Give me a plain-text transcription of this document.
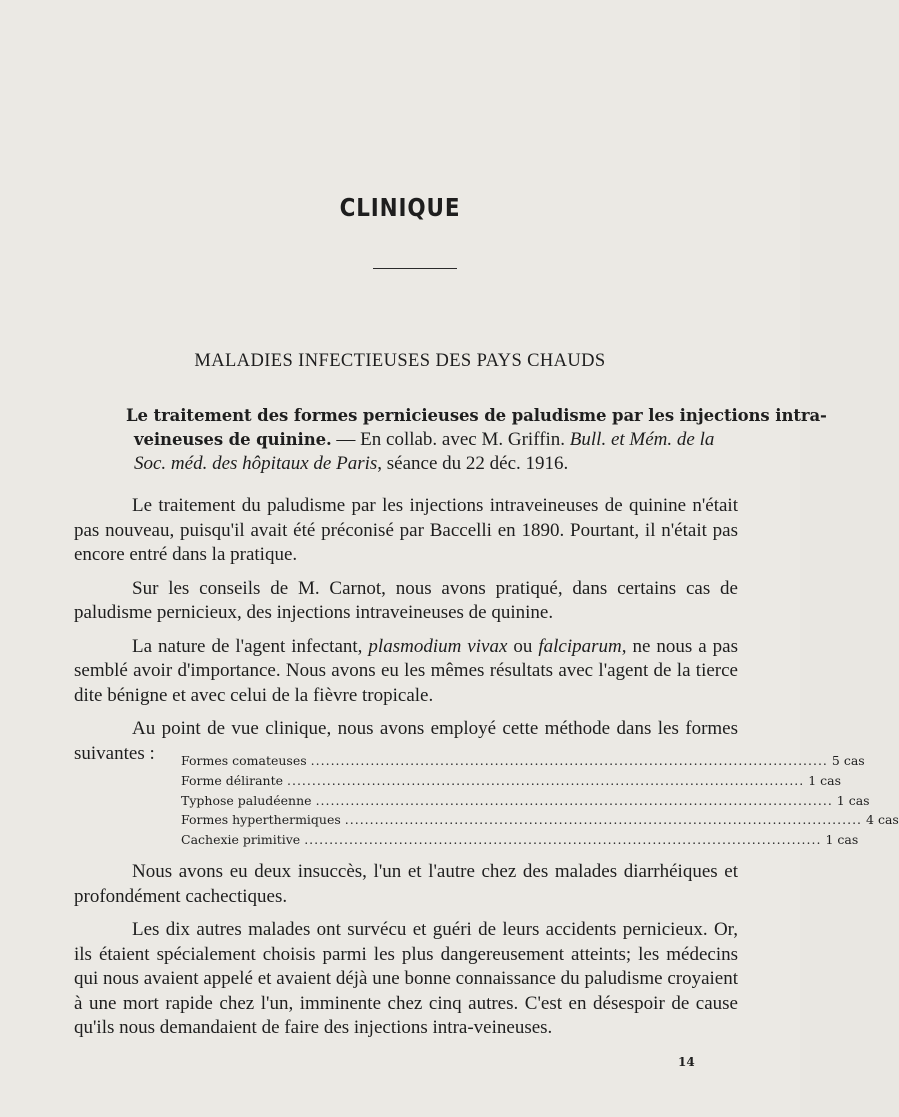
CLINIQUE
MALADIES INFECTIEUSES DES PAYS CHAUDS
Le traitement des formes pernicieuses de paludisme par les injections intra-
veineuses de quinine. — En collab. avec M. Griffin. Bull. et Mém. de la Soc. méd. des hôpitaux de Paris, séance du 22 déc. 1916.

Le traitement du paludisme par les injections intraveineuses de quinine n'était pas nouveau, puisqu'il avait été préconisé par Baccelli en 1890. Pourtant, il n'était pas encore entré dans la pratique.

Sur les conseils de M. Carnot, nous avons pratiqué, dans certains cas de paludisme pernicieux, des injections intraveineuses de quinine.

La nature de l'agent infectant, plasmodium vivax ou falciparum, ne nous a pas semblé avoir d'importance. Nous avons eu les mêmes résultats avec l'agent de la tierce dite bénigne et avec celui de la fièvre tropicale.

Au point de vue clinique, nous avons employé cette méthode dans les formes suivantes :	Formes comateuses ........................................................................................................ 5 cas
Forme délirante ........................................................................................................ 1 cas
Typhose paludéenne ........................................................................................................ 1 cas
Formes hyperthermiques ........................................................................................................ 4 cas
Cachexie primitive ........................................................................................................ 1 cas

Nous avons eu deux insuccès, l'un et l'autre chez des malades diarrhéiques et profondément cachectiques.

Les dix autres malades ont survécu et guéri de leurs accidents pernicieux. Or, ils étaient spécialement choisis parmi les plus dangereusement atteints; les médecins qui nous avaient appelé et avaient déjà une bonne connaissance du paludisme croyaient à une mort rapide chez l'un, imminente chez cinq autres. C'est en désespoir de cause qu'ils nous demandaient de faire des injections intra-veineuses.

14
